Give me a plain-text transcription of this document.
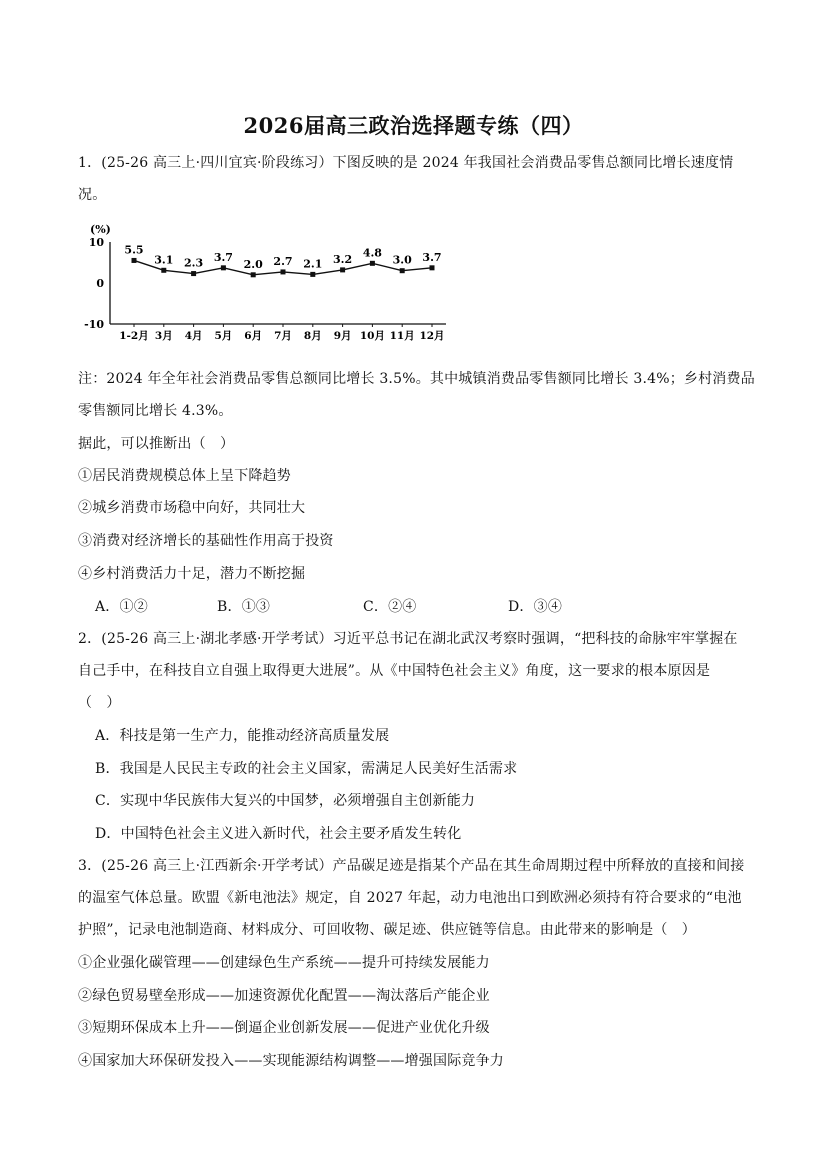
2026届高三政治选择题专练（四）
1．(25-26 高三上·四川宜宾·阶段练习）下图反映的是 2024 年我国社会消费品零售总额同比增长速度情
况。
(%)
10
0
-10
5.5
1-2月
3.1
3月
2.3
4月
3.7
5月
2.0
6月
2.7
7月
2.1
8月
3.2
9月
4.8
10月
3.0
11月
3.7
12月
注：2024 年全年社会消费品零售总额同比增长 3.5%。其中城镇消费品零售额同比增长 3.4%；乡村消费品
零售额同比增长 4.3%。
据此，可以推断出（　）
①居民消费规模总体上呈下降趋势
②城乡消费市场稳中向好，共同壮大
③消费对经济增长的基础性作用高于投资
④乡村消费活力十足，潜力不断挖掘
A．①②	B．①③	C．②④	D．③④
2．(25-26 高三上·湖北孝感·开学考试）习近平总书记在湖北武汉考察时强调，“把科技的命脉牢牢掌握在
自己手中，在科技自立自强上取得更大进展”。从《中国特色社会主义》角度，这一要求的根本原因是
（　）
A．科技是第一生产力，能推动经济高质量发展
B．我国是人民民主专政的社会主义国家，需满足人民美好生活需求
C．实现中华民族伟大复兴的中国梦，必须增强自主创新能力
D．中国特色社会主义进入新时代，社会主要矛盾发生转化
3．(25-26 高三上·江西新余·开学考试）产品碳足迹是指某个产品在其生命周期过程中所释放的直接和间接
的温室气体总量。欧盟《新电池法》规定，自 2027 年起，动力电池出口到欧洲必须持有符合要求的“电池
护照”，记录电池制造商、材料成分、可回收物、碳足迹、供应链等信息。由此带来的影响是（　）
①企业强化碳管理——创建绿色生产系统——提升可持续发展能力
②绿色贸易壁垒形成——加速资源优化配置——淘汰落后产能企业
③短期环保成本上升——倒逼企业创新发展——促进产业优化升级
④国家加大环保研发投入——实现能源结构调整——增强国际竞争力
